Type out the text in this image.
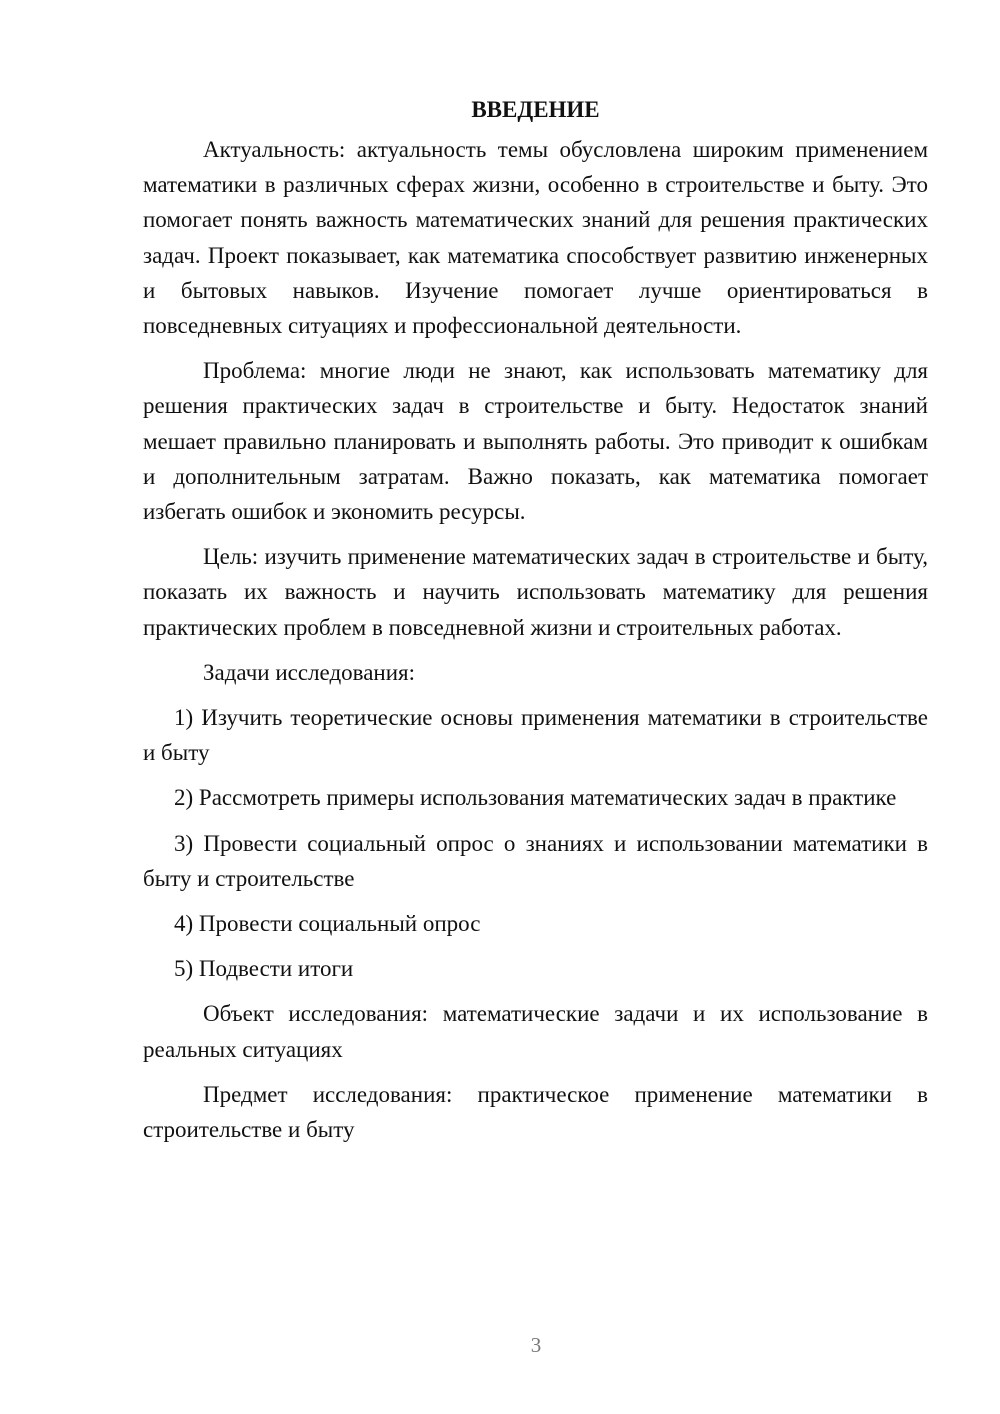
ВВЕДЕНИЕ

Актуальность: актуальность темы обусловлена широким применением математики в различных сферах жизни, особенно в строительстве и быту. Это помогает понять важность математических знаний для решения практических задач. Проект показывает, как математика способствует развитию инженерных и бытовых навыков. Изучение помогает лучше ориентироваться в повседневных ситуациях и профессиональной деятельности.

Проблема: многие люди не знают, как использовать математику для решения практических задач в строительстве и быту. Недостаток знаний мешает правильно планировать и выполнять работы. Это приводит к ошибкам и дополнительным затратам. Важно показать, как математика помогает избегать ошибок и экономить ресурсы.

Цель: изучить применение математических задач в строительстве и быту, показать их важность и научить использовать математику для решения практических проблем в повседневной жизни и строительных работах.

Задачи исследования:

1) Изучить теоретические основы применения математики в строительстве и быту

2) Рассмотреть примеры использования математических задач в практике

3) Провести социальный опрос о знаниях и использовании математики в быту и строительстве

4) Провести социальный опрос

5) Подвести итоги

Объект исследования: математические задачи и их использование в реальных ситуациях

Предмет исследования: практическое применение математики в строительстве и быту

3
